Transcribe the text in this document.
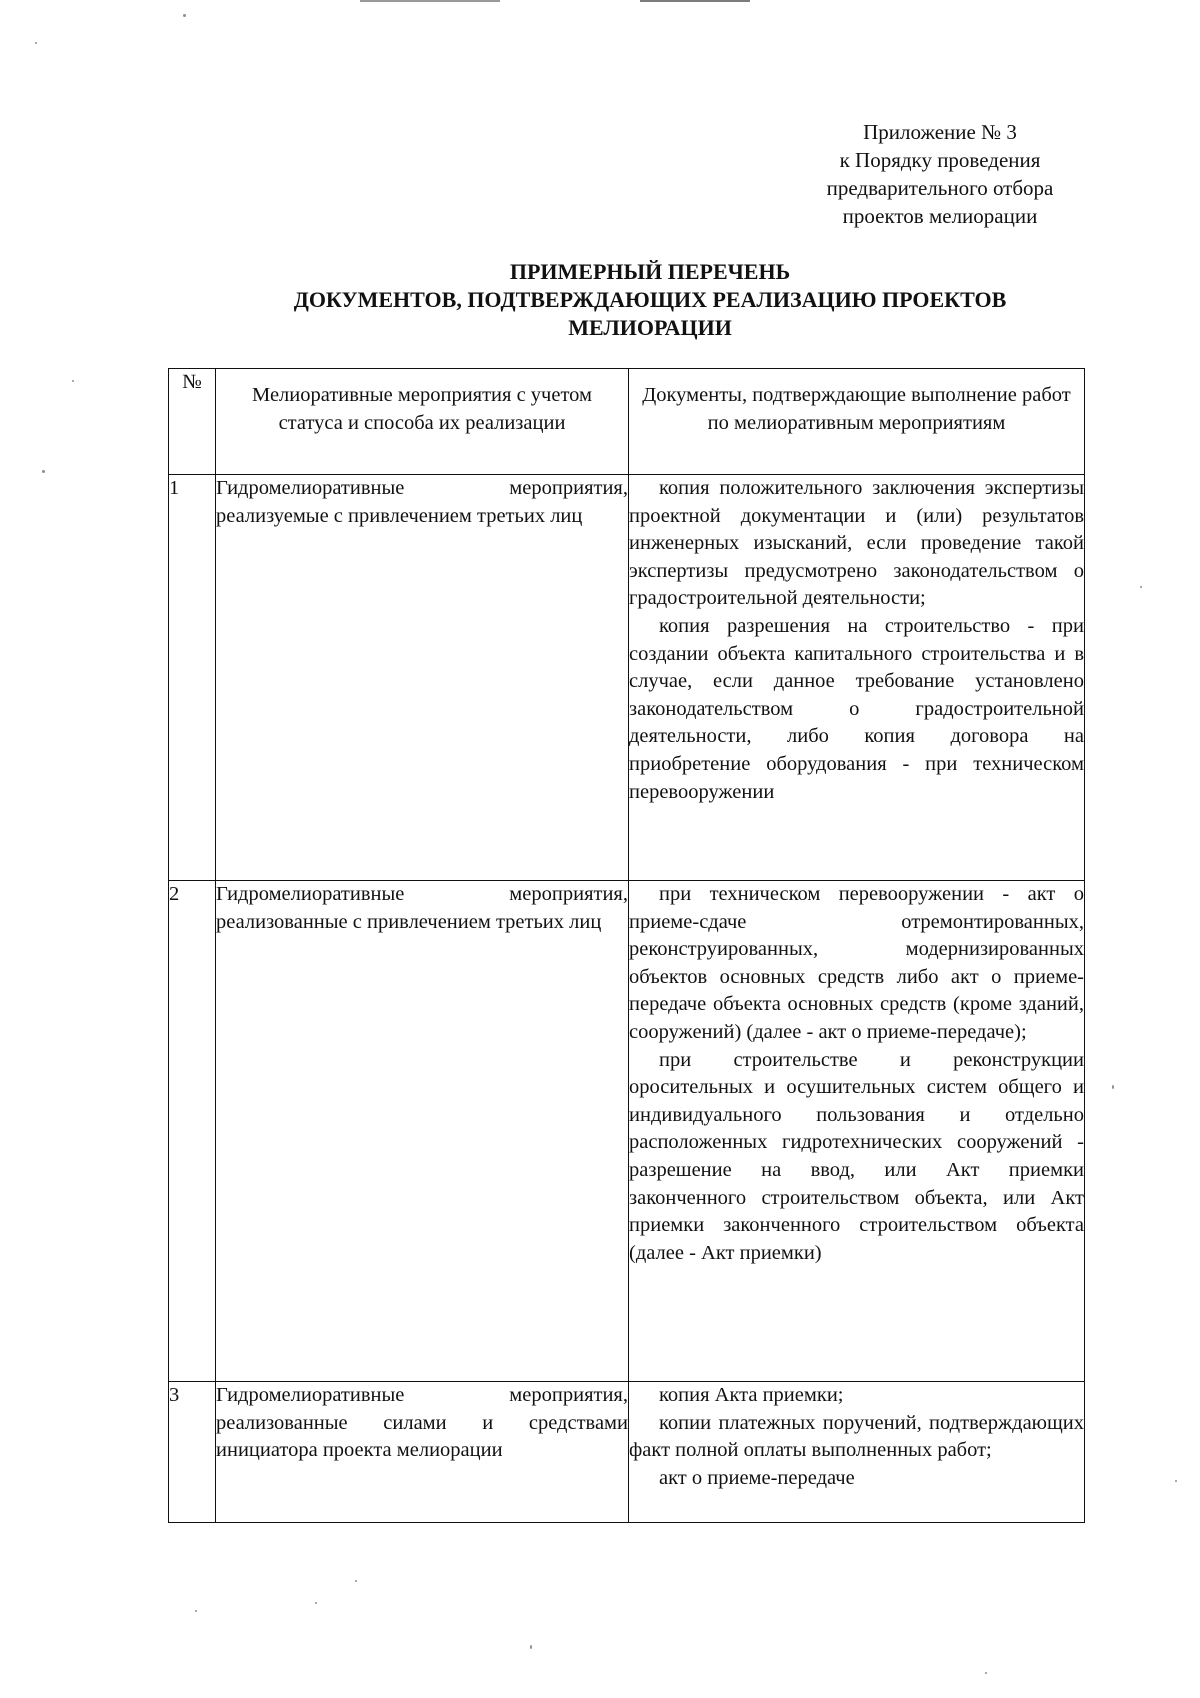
Приложение № 3
к Порядку проведения
предварительного отбора
проектов мелиорации
ПРИМЕРНЫЙ ПЕРЕЧЕНЬ
ДОКУМЕНТОВ, ПОДТВЕРЖДАЮЩИХ РЕАЛИЗАЦИЮ ПРОЕКТОВ
МЕЛИОРАЦИИ
№	Мелиоративные мероприятия с учетом статуса и способа их реализации	Документы, подтверждающие выполнение работ по мелиоративным мероприятиям

1	Гидромелиоративные мероприятия, реализуемые с привлечением третьих лиц	копия положительного заключения экспертизы проектной документации и (или) результатов инженерных изысканий, если проведение такой экспертизы предусмотрено законодательством о градостроительной деятельности;

копия разрешения на строительство - при создании объекта капитального строительства и в случае, если данное требование установлено законодательством о градостроительной деятельности, либо копия договора на приобретение оборудования - при техническом перевооружении

2	Гидромелиоративные мероприятия, реализованные с привлечением третьих лиц	при техническом перевооружении - акт о приеме-сдаче отремонтированных, реконструированных, модернизированных объектов основных средств либо акт о приеме-передаче объекта основных средств (кроме зданий, сооружений) (далее - акт о приеме-передаче);

при строительстве и реконструкции оросительных и осушительных систем общего и индивидуального пользования и отдельно расположенных гидротехнических сооружений - разрешение на ввод, или Акт приемки законченного строительством объекта, или Акт приемки законченного строительством объекта (далее - Акт приемки)

3	Гидромелиоративные мероприятия, реализованные силами и средствами инициатора проекта мелиорации	копия Акта приемки;

копии платежных поручений, подтверждающих факт полной оплаты выполненных работ;

акт о приеме-передаче
